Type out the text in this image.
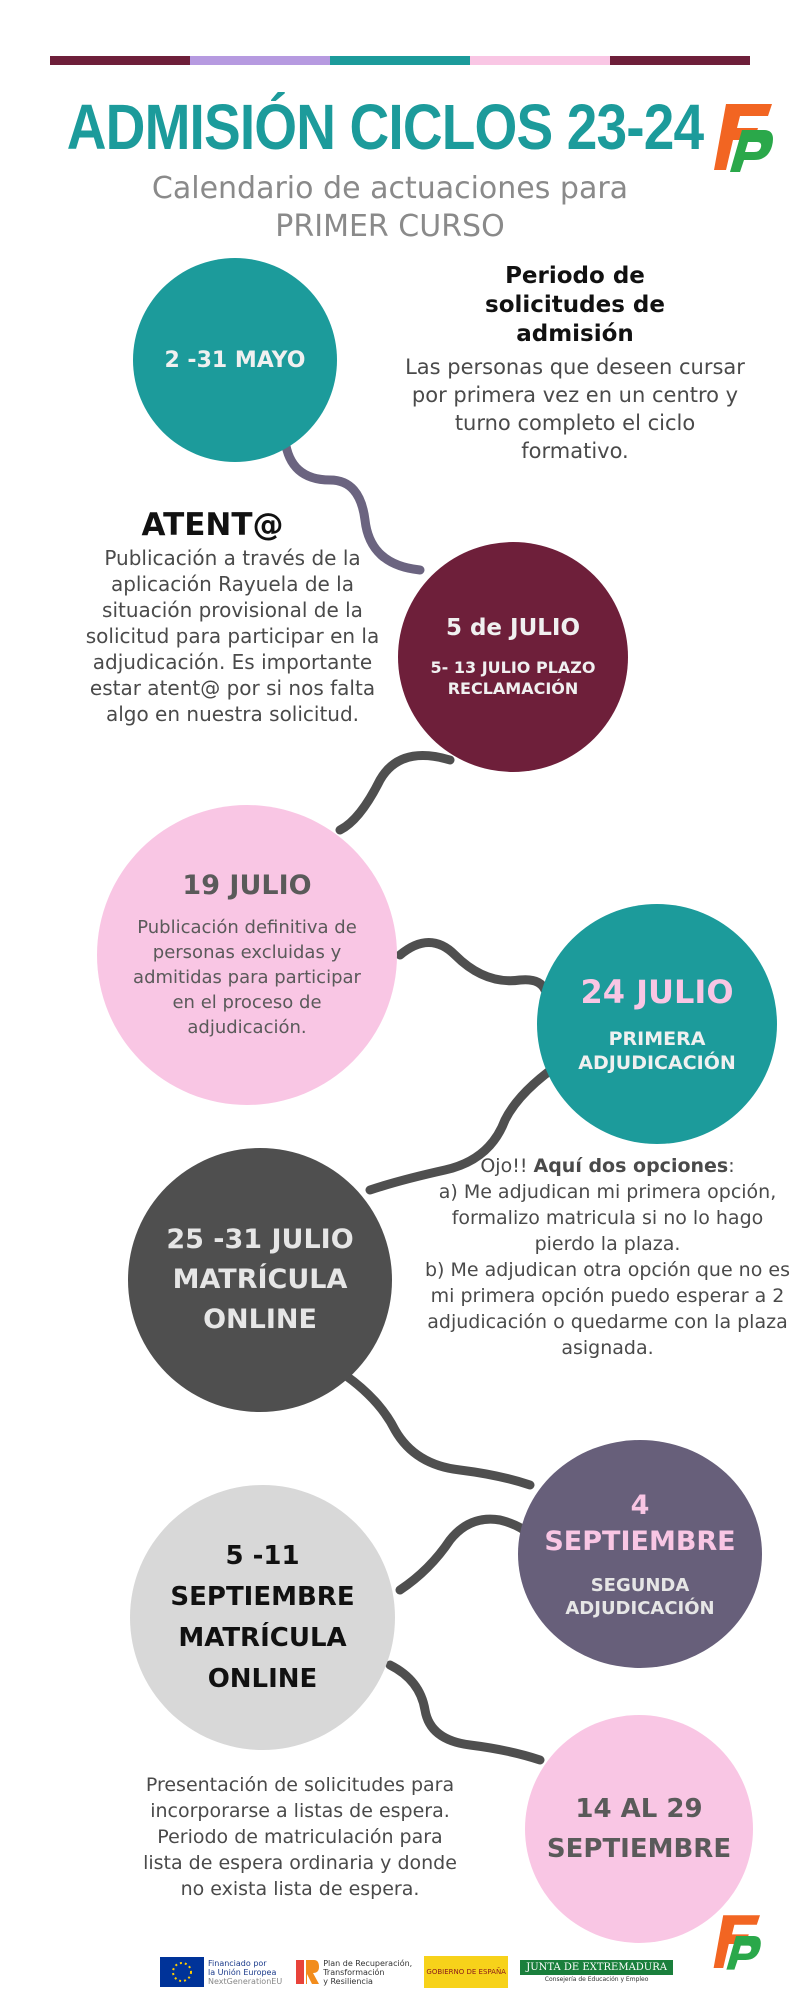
ADMISIÓN CICLOS 23-24
Calendario de actuaciones para
PRIMER CURSO
2 -31 MAYO
Periodo de solicitudes de admisión
Las personas que deseen cursar por primera vez en un centro y turno completo el ciclo formativo.
ATENT@
Publicación a través de la aplicación Rayuela de la situación provisional de la solicitud para participar en la adjudicación. Es importante estar atent@ por si nos falta algo en nuestra solicitud.
5 de JULIO
5- 13 JULIO PLAZO RECLAMACIÓN
19 JULIO
Publicación definitiva de personas excluidas y admitidas para participar en el proceso de adjudicación.
24 JULIO
PRIMERA ADJUDICACIÓN
25 -31 JULIO
MATRÍCULA
ONLINE
Ojo!! Aquí dos opciones:
a) Me adjudican mi primera opción, formalizo matricula si no lo hago pierdo la plaza.
b) Me adjudican otra opción que no es mi primera opción puedo esperar a 2 adjudicación o quedarme con la plaza asignada.
4
SEPTIEMBRE
SEGUNDA ADJUDICACIÓN
5 -11
SEPTIEMBRE
MATRÍCULA
ONLINE
Presentación de solicitudes para incorporarse a listas de espera. Periodo de matriculación para lista de espera ordinaria y donde no exista lista de espera.
14 AL 29
SEPTIEMBRE
Financiado por
la Unión Europea
NextGenerationEU
Plan de Recuperación,
Transformación
y Resiliencia
GOBIERNO DE ESPAÑA	JUNTA DE EXTREMADURA
Consejería de Educación y Empleo
